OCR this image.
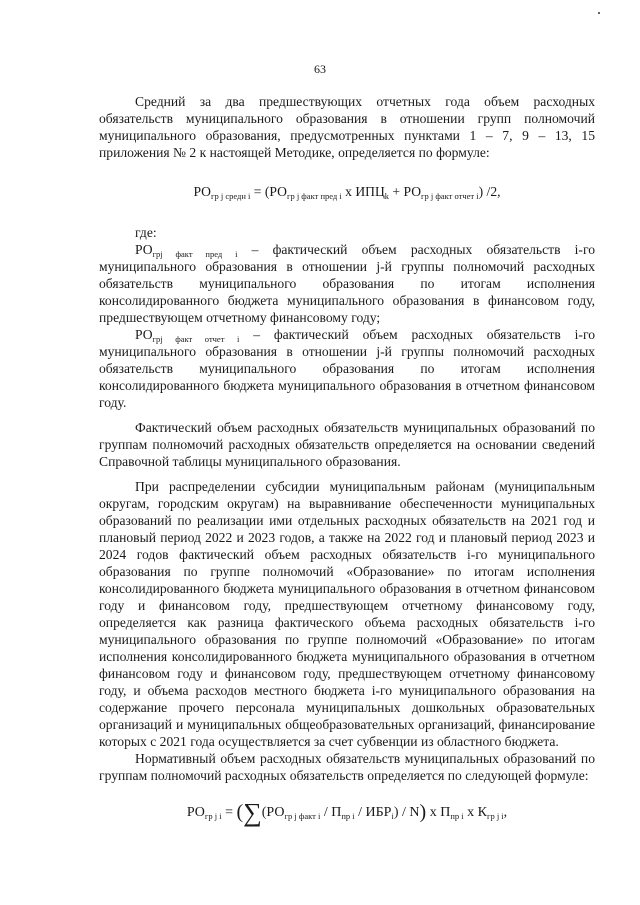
63

Средний за два предшествующих отчетных года объем расходных обязательств муниципального образования в отношении групп полномочий муниципального образования, предусмотренных пунктами 1 – 7, 9 – 13, 15 приложения № 2 к настоящей Методике, определяется по формуле:

$РО_{гр j средн i} = (РО_{гр j факт пред i}$ х $ИПЦ_k + РО_{гр j факт отчет i}$) /2,

где:

$РО_{грj факт пред i}$ – фактический объем расходных обязательств i-го муниципального образования в отношении j-й группы полномочий расходных обязательств муниципального образования по итогам исполнения консолидированного бюджета муниципального образования в финансовом году, предшествующем отчетному финансовому году;

$РО_{грj факт отчет i}$ – фактический объем расходных обязательств i-го муниципального образования в отношении j-й группы полномочий расходных обязательств муниципального образования по итогам исполнения консолидированного бюджета муниципального образования в отчетном финансовом году.

Фактический объем расходных обязательств муниципальных образований по группам полномочий расходных обязательств определяется на основании сведений Справочной таблицы муниципального образования.

При распределении субсидии муниципальным районам (муниципальным округам, городским округам) на выравнивание обеспеченности муниципальных образований по реализации ими отдельных расходных обязательств на 2021 год и плановый период 2022 и 2023 годов, а также на 2022 год и плановый период 2023 и 2024 годов фактический объем расходных обязательств i-го муниципального образования по группе полномочий «Образование» по итогам исполнения консолидированного бюджета муниципального образования в отчетном финансовом году и финансовом году, предшествующем отчетному финансовому году, определяется как разница фактического объема расходных обязательств i-го муниципального образования по группе полномочий «Образование» по итогам исполнения консолидированного бюджета муниципального образования в отчетном финансовом году и финансовом году, предшествующем отчетному финансовому году, и объема расходов местного бюджета i-го муниципального образования на содержание прочего персонала муниципальных дошкольных образовательных организаций и муниципальных общеобразовательных организаций, финансирование которых с 2021 года осуществляется за счет субвенции из областного бюджета.

Нормативный объем расходных обязательств муниципальных образований по группам полномочий расходных обязательств определяется по следующей формуле:

$РО_{гр j i} = (\sum(РО_{гр j факт i} / П_{пр i} / ИБР_i) / N)$ х $П_{пр i}$ х $К_{гр j i}$,
